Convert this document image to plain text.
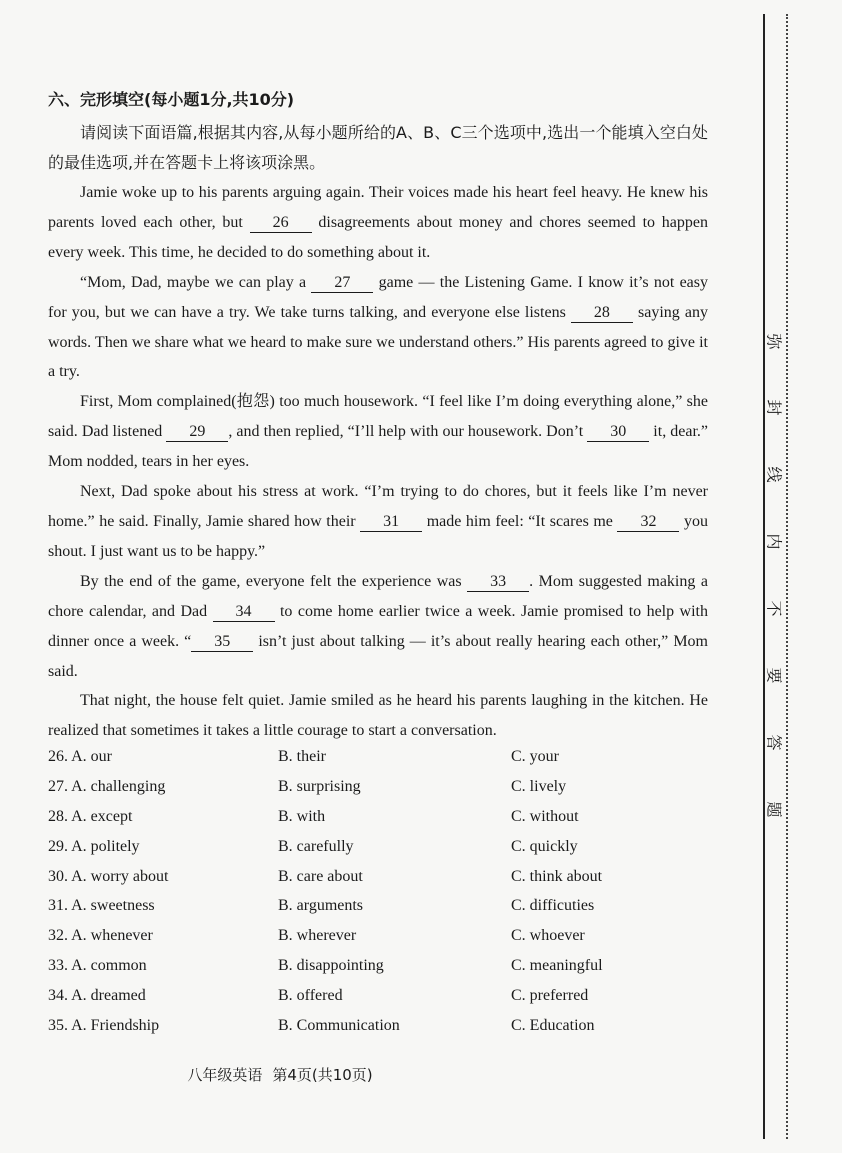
六、完形填空(每小题1分,共10分)
请阅读下面语篇,根据其内容,从每小题所给的A、B、C三个选项中,选出一个能填入空白处的最佳选项,并在答题卡上将该项涂黑。
Jamie woke up to his parents arguing again. Their voices made his heart feel heavy. He knew his parents loved each other, but 26 disagreements about money and chores seemed to happen every week. This time, he decided to do something about it.
“Mom, Dad, maybe we can play a 27 game — the Listening Game. I know it’s not easy for you, but we can have a try. We take turns talking, and everyone else listens 28 saying any words. Then we share what we heard to make sure we understand others.” His parents agreed to give it a try.
First, Mom complained(抱怨) too much housework. “I feel like I’m doing everything alone,” she said. Dad listened 29 , and then replied, “I’ll help with our housework. Don’t 30 it, dear.” Mom nodded, tears in her eyes.
Next, Dad spoke about his stress at work. “I’m trying to do chores, but it feels like I’m never home.” he said. Finally, Jamie shared how their 31 made him feel: “It scares me 32 you shout. I just want us to be happy.”
By the end of the game, everyone felt the experience was 33 . Mom suggested making a chore calendar, and Dad 34 to come home earlier twice a week. Jamie promised to help with dinner once a week. “ 35 isn’t just about talking — it’s about really hearing each other,” Mom said.
That night, the house felt quiet. Jamie smiled as he heard his parents laughing in the kitchen. He realized that sometimes it takes a little courage to start a conversation.
26. A. our	B. their	C. your
27. A. challenging	B. surprising	C. lively
28. A. except	B. with	C. without
29. A. politely	B. carefully	C. quickly
30. A. worry about	B. care about	C. think about
31. A. sweetness	B. arguments	C. difficuties
32. A. whenever	B. wherever	C. whoever
33. A. common	B. disappointing	C. meaningful
34. A. dreamed	B. offered	C. preferred
35. A. Friendship	B. Communication	C. Education
八年级英语 第4页(共10页)
弥
封
线
内
不
要
答
题
